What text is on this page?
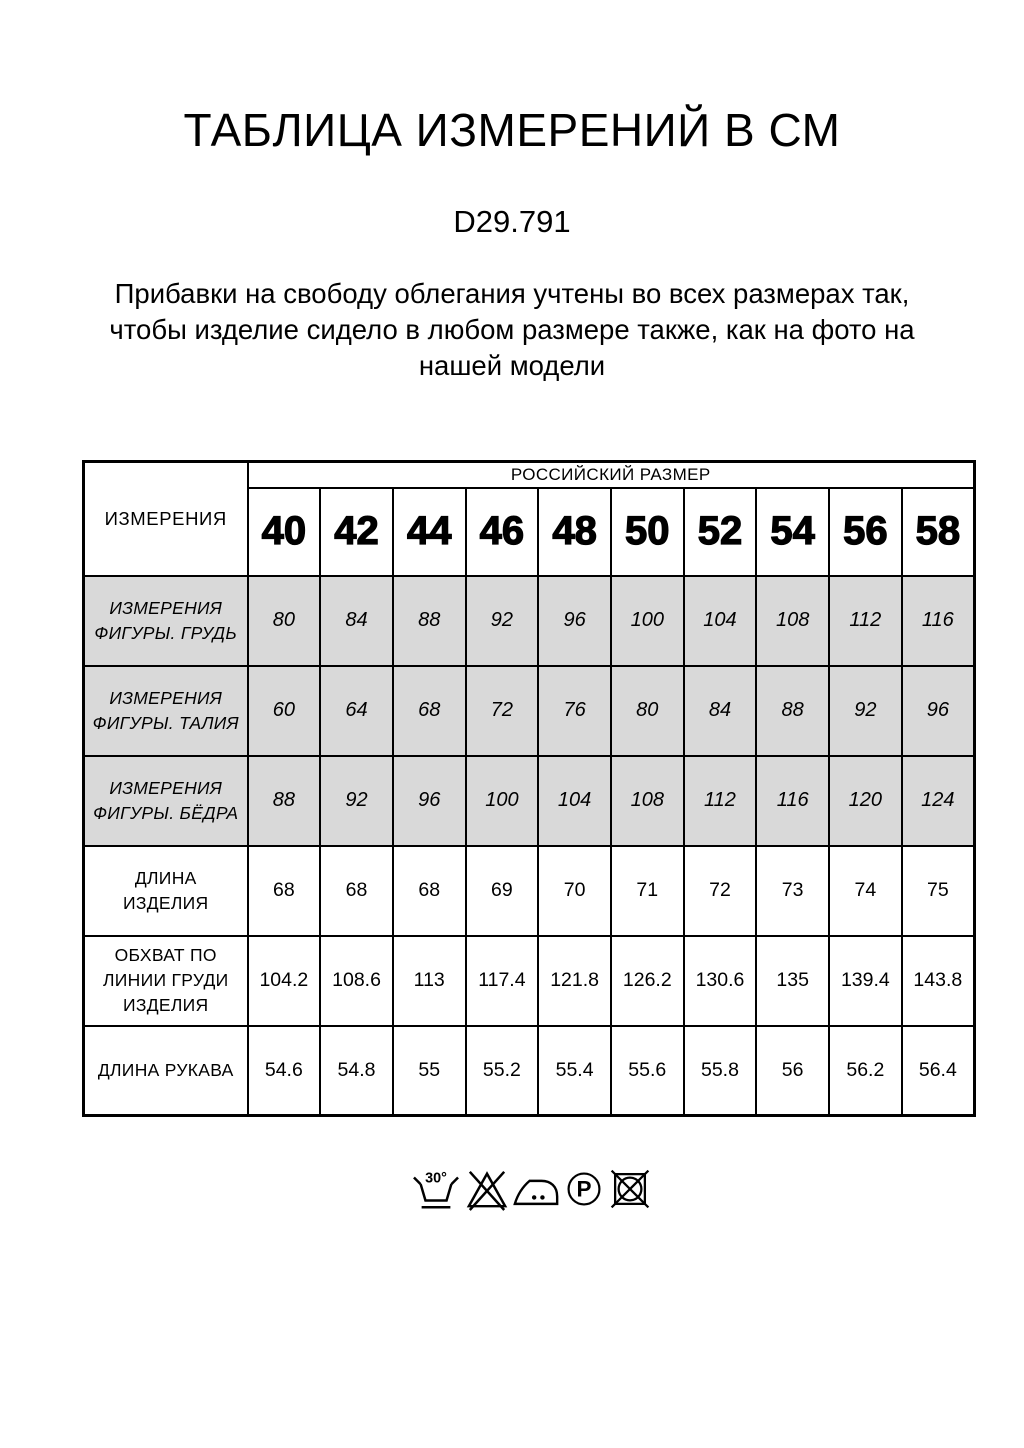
ТАБЛИЦА ИЗМЕРЕНИЙ В СМ
D29.791
Прибавки на свободу облегания учтены во всех размерах так, чтобы изделие сидело в любом размере также, как на фото на нашей модели
ИЗМЕРЕНИЯ	РОССИЙСКИЙ РАЗМЕР									
	40	42	44	46	48	50	52	54	56	58
ИЗМЕРЕНИЯ ФИГУРЫ. ГРУДЬ	80	84	88	92	96	100	104	108	112	116
ИЗМЕРЕНИЯ ФИГУРЫ. ТАЛИЯ	60	64	68	72	76	80	84	88	92	96
ИЗМЕРЕНИЯ ФИГУРЫ. БЁДРА	88	92	96	100	104	108	112	116	120	124
ДЛИНА ИЗДЕЛИЯ	68	68	68	69	70	71	72	73	74	75
ОБХВАТ ПО ЛИНИИ ГРУДИ ИЗДЕЛИЯ	104.2	108.6	113	117.4	121.8	126.2	130.6	135	139.4	143.8
ДЛИНА РУКАВА	54.6	54.8	55	55.2	55.4	55.6	55.8	56	56.2	56.4
30°	P
